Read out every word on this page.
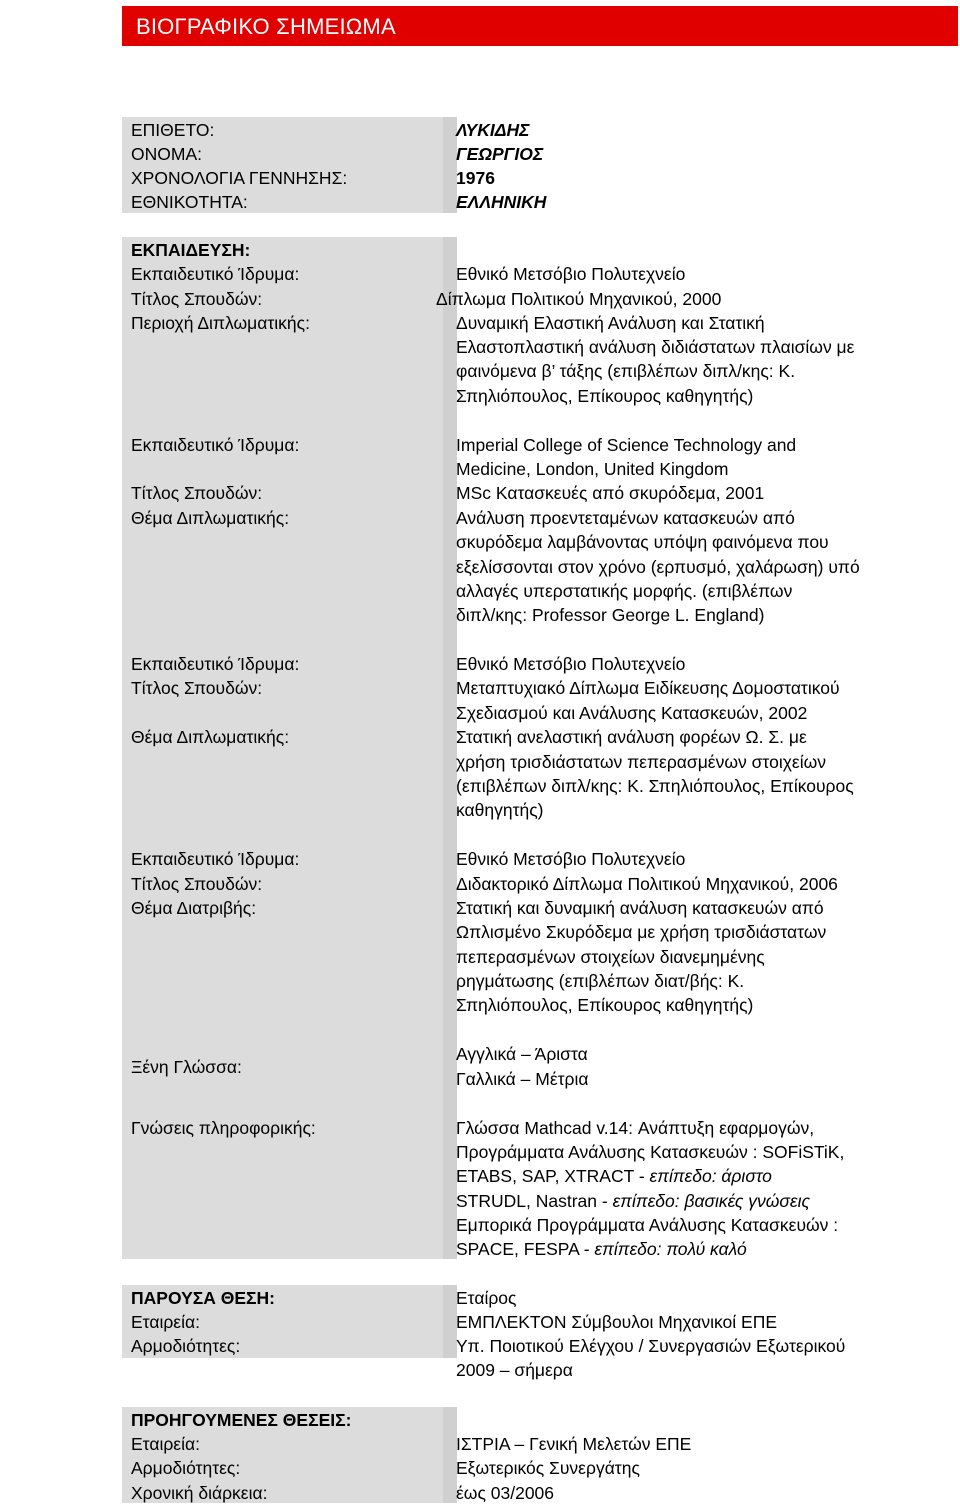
ΒΙΟΓΡΑΦΙΚΟ ΣΗΜΕΙΩΜΑ
ΕΠΙΘΕΤΟ:	ΛΥΚΙΔΗΣ
ΟΝΟΜΑ:	ΓΕΩΡΓΙΟΣ
ΧΡΟΝΟΛΟΓΙΑ ΓΕΝΝΗΣΗΣ:	1976
ΕΘΝΙΚΟΤΗΤΑ:	ΕΛΛΗΝΙΚΗ
ΕΚΠΑΙΔΕΥΣΗ:
Εκπαιδευτικό Ίδρυμα:	Εθνικό Μετσόβιο Πολυτεχνείο
Τίτλος Σπουδών:	Δίπλωμα Πολιτικού Μηχανικού, 2000
Περιοχή Διπλωματικής:	Δυναμική Ελαστική Ανάλυση και Στατική
Ελαστοπλαστική ανάλυση διδιάστατων πλαισίων με
φαινόμενα β’ τάξης (επιβλέπων διπλ/κης: Κ.
Σπηλιόπουλος, Επίκουρος καθηγητής)
Εκπαιδευτικό Ίδρυμα:	Imperial College of Science Technology and
Medicine, London, United Kingdom
Τίτλος Σπουδών:	MSc Κατασκευές από σκυρόδεμα, 2001
Θέμα Διπλωματικής:	Ανάλυση προεντεταμένων κατασκευών από
σκυρόδεμα λαμβάνοντας υπόψη φαινόμενα που
εξελίσσονται στον χρόνο (ερπυσμό, χαλάρωση) υπό
αλλαγές υπερστατικής μορφής. (επιβλέπων
διπλ/κης: Professor George L. England)
Εκπαιδευτικό Ίδρυμα:	Εθνικό Μετσόβιο Πολυτεχνείο
Τίτλος Σπουδών:	Μεταπτυχιακό Δίπλωμα Ειδίκευσης Δομοστατικού
Σχεδιασμού και Ανάλυσης Κατασκευών, 2002
Θέμα Διπλωματικής:	Στατική ανελαστική ανάλυση φορέων Ω. Σ. με
χρήση τρισδιάστατων πεπερασμένων στοιχείων
(επιβλέπων διπλ/κης: Κ. Σπηλιόπουλος, Επίκουρος
καθηγητής)
Εκπαιδευτικό Ίδρυμα:	Εθνικό Μετσόβιο Πολυτεχνείο
Τίτλος Σπουδών:	Διδακτορικό Δίπλωμα Πολιτικού Μηχανικού, 2006
Θέμα Διατριβής:	Στατική και δυναμική ανάλυση κατασκευών από
Ωπλισμένο Σκυρόδεμα με χρήση τρισδιάστατων
πεπερασμένων στοιχείων διανεμημένης
ρηγμάτωσης (επιβλέπων διατ/βής: Κ.
Σπηλιόπουλος, Επίκουρος καθηγητής)
Ξένη Γλώσσα:
Αγγλικά – Άριστα
Γαλλικά – Μέτρια
Γνώσεις πληροφορικής:	Γλώσσα Mathcad v.14: Ανάπτυξη εφαρμογών,
Προγράμματα Ανάλυσης Κατασκευών : SOFiSTiK,
ETABS, SAP, XTRACT - επίπεδο: άριστο
STRUDL, Nastran - επίπεδο: βασικές γνώσεις
Εμπορικά Προγράμματα Ανάλυσης Κατασκευών :
SPACE, FESPA - επίπεδο: πολύ καλό
ΠΑΡΟΥΣΑ ΘΕΣΗ:	Εταίρος
Εταιρεία:	ΕΜΠΛΕΚΤΟΝ Σύμβουλοι Μηχανικοί ΕΠΕ
Αρμοδιότητες:	Υπ. Ποιοτικού Ελέγχου / Συνεργασιών Εξωτερικού
2009 – σήμερα
ΠΡΟΗΓΟΥΜΕΝΕΣ ΘΕΣΕΙΣ:
Εταιρεία:	ΙΣΤΡΙΑ – Γενική Μελετών ΕΠΕ
Αρμοδιότητες:	Εξωτερικός Συνεργάτης
Χρονική διάρκεια:	έως 03/2006
